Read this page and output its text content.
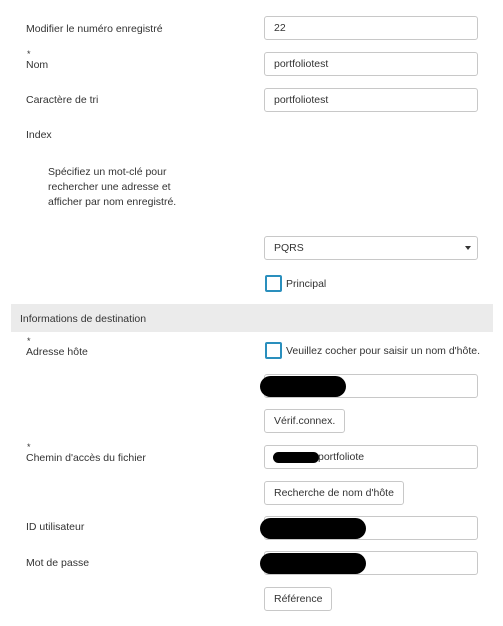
Modifier le numéro enregistré	22
*
Nom	portfoliotest
Caractère de tri	portfoliotest
Index
Spécifiez un mot-clé pour rechercher une adresse et afficher par nom enregistré.
PQRS
Principal
Informations de destination
*
Adresse hôte	Veuillez cocher pour saisir un nom d'hôte.
Vérif.connex.
*
Chemin d'accès du fichier	portfoliote
Recherche de nom d'hôte
ID utilisateur
Mot de passe
Référence
